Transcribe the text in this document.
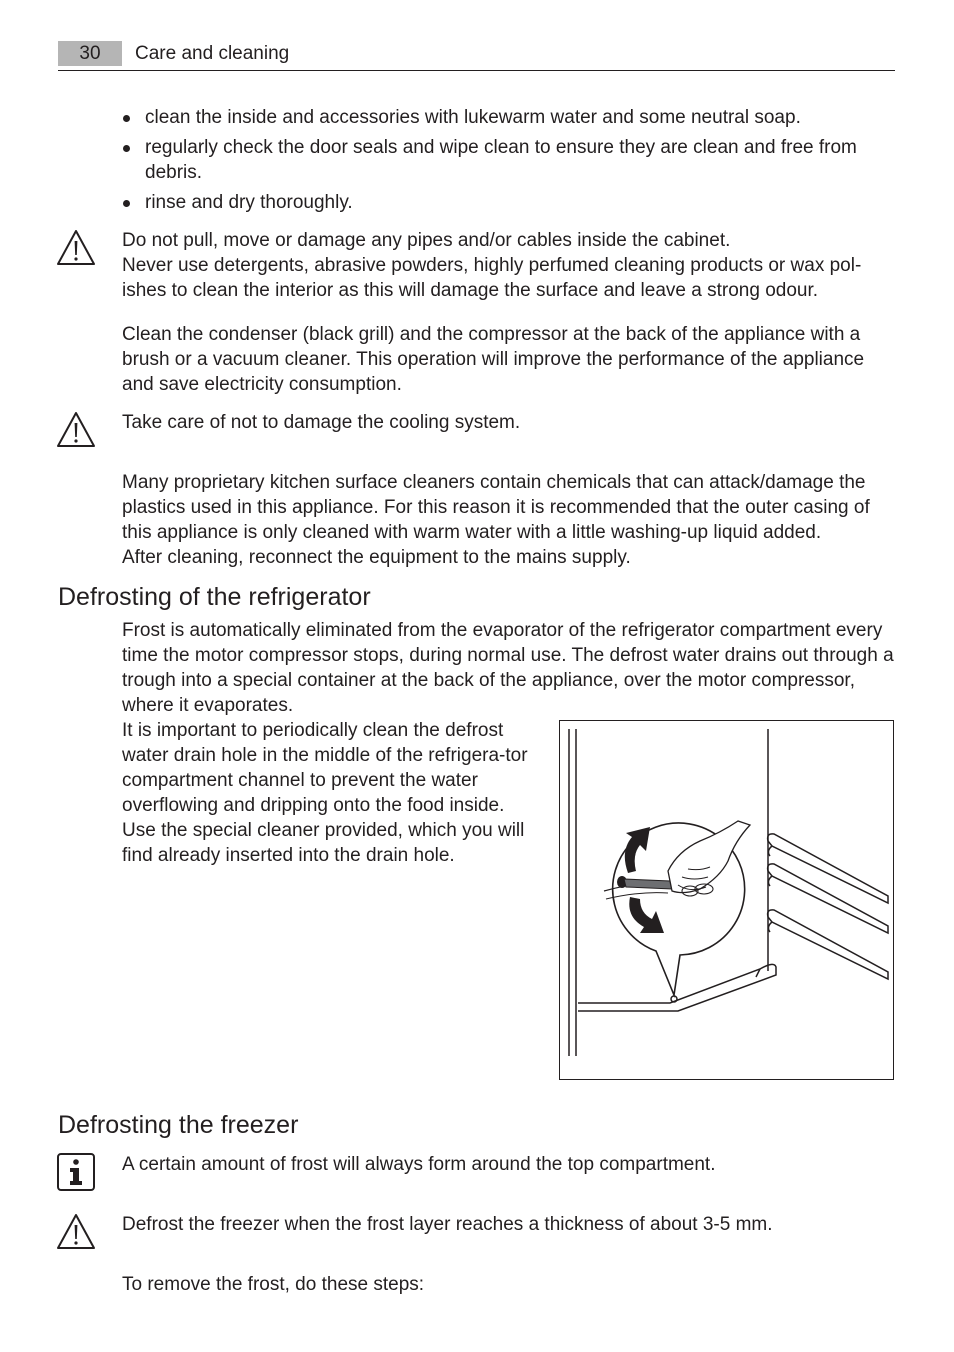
30	Care and cleaning
clean the inside and accessories with lukewarm water and some neutral soap.
regularly check the door seals and wipe clean to ensure they are clean and free from debris.
rinse and dry thoroughly.

Do not pull, move or damage any pipes and/or cables inside the cabinet.

Never use detergents, abrasive powders, highly perfumed cleaning products or wax pol-ishes to clean the interior as this will damage the surface and leave a strong odour.

Clean the condenser (black grill) and the compressor at the back of the appliance with a brush or a vacuum cleaner. This operation will improve the performance of the appliance and save electricity consumption.

Take care of not to damage the cooling system.

Many proprietary kitchen surface cleaners contain chemicals that can attack/damage the plastics used in this appliance. For this reason it is recommended that the outer casing of this appliance is only cleaned with warm water with a little washing-up liquid added.

After cleaning, reconnect the equipment to the mains supply.

Defrosting of the refrigerator

Frost is automatically eliminated from the evaporator of the refrigerator compartment every time the motor compressor stops, during normal use. The defrost water drains out through a trough into a special container at the back of the appliance, over the motor compressor, where it evaporates.

It is important to periodically clean the defrost water drain hole in the middle of the refrigera-tor compartment channel to prevent the water overflowing and dripping onto the food inside. Use the special cleaner provided, which you will find already inserted into the drain hole.

Defrosting the freezer

A certain amount of frost will always form around the top compartment.

Defrost the freezer when the frost layer reaches a thickness of about 3-5 mm.

To remove the frost, do these steps:
